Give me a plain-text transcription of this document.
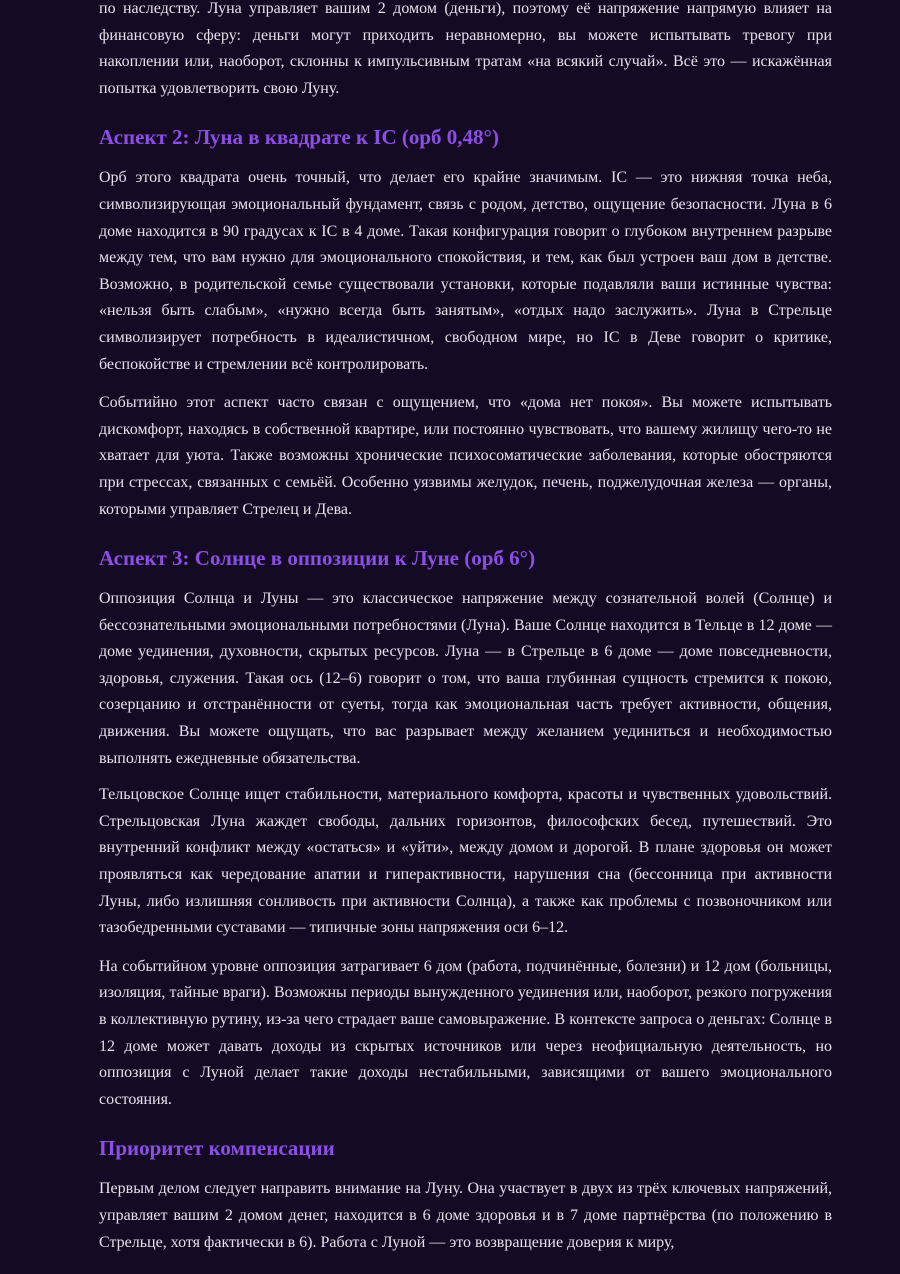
по наследству. Луна управляет вашим 2 домом (деньги), поэтому её напряжение напрямую влияет на финансовую сферу: деньги могут приходить неравномерно, вы можете испытывать тревогу при накоплении или, наоборот, склонны к импульсивным тратам «на всякий случай». Всё это — искажённая попытка удовлетворить свою Луну.

Аспект 2: Луна в квадрате к IC (орб 0,48°)

Орб этого квадрата очень точный, что делает его крайне значимым. IC — это нижняя точка неба, символизирующая эмоциональный фундамент, связь с родом, детство, ощущение безопасности. Луна в 6 доме находится в 90 градусах к IC в 4 доме. Такая конфигурация говорит о глубоком внутреннем разрыве между тем, что вам нужно для эмоционального спокойствия, и тем, как был устроен ваш дом в детстве. Возможно, в родительской семье существовали установки, которые подавляли ваши истинные чувства: «нельзя быть слабым», «нужно всегда быть занятым», «отдых надо заслужить». Луна в Стрельце символизирует потребность в идеалистичном, свободном мире, но IC в Деве говорит о критике, беспокойстве и стремлении всё контролировать.

Событийно этот аспект часто связан с ощущением, что «дома нет покоя». Вы можете испытывать дискомфорт, находясь в собственной квартире, или постоянно чувствовать, что вашему жилищу чего-то не хватает для уюта. Также возможны хронические психосоматические заболевания, которые обостряются при стрессах, связанных с семьёй. Особенно уязвимы желудок, печень, поджелудочная железа — органы, которыми управляет Стрелец и Дева.

Аспект 3: Солнце в оппозиции к Луне (орб 6°)

Оппозиция Солнца и Луны — это классическое напряжение между сознательной волей (Солнце) и бессознательными эмоциональными потребностями (Луна). Ваше Солнце находится в Тельце в 12 доме — доме уединения, духовности, скрытых ресурсов. Луна — в Стрельце в 6 доме — доме повседневности, здоровья, служения. Такая ось (12–6) говорит о том, что ваша глубинная сущность стремится к покою, созерцанию и отстранённости от суеты, тогда как эмоциональная часть требует активности, общения, движения. Вы можете ощущать, что вас разрывает между желанием уединиться и необходимостью выполнять ежедневные обязательства.

Тельцовское Солнце ищет стабильности, материального комфорта, красоты и чувственных удовольствий. Стрельцовская Луна жаждет свободы, дальних горизонтов, философских бесед, путешествий. Это внутренний конфликт между «остаться» и «уйти», между домом и дорогой. В плане здоровья он может проявляться как чередование апатии и гиперактивности, нарушения сна (бессонница при активности Луны, либо излишняя сонливость при активности Солнца), а также как проблемы с позвоночником или тазобедренными суставами — типичные зоны напряжения оси 6–12.

На событийном уровне оппозиция затрагивает 6 дом (работа, подчинённые, болезни) и 12 дом (больницы, изоляция, тайные враги). Возможны периоды вынужденного уединения или, наоборот, резкого погружения в коллективную рутину, из-за чего страдает ваше самовыражение. В контексте запроса о деньгах: Солнце в 12 доме может давать доходы из скрытых источников или через неофициальную деятельность, но оппозиция с Луной делает такие доходы нестабильными, зависящими от вашего эмоционального состояния.

Приоритет компенсации

Первым делом следует направить внимание на Луну. Она участвует в двух из трёх ключевых напряжений, управляет вашим 2 домом денег, находится в 6 доме здоровья и в 7 доме партнёрства (по положению в Стрельце, хотя фактически в 6). Работа с Луной — это возвращение доверия к миру,
